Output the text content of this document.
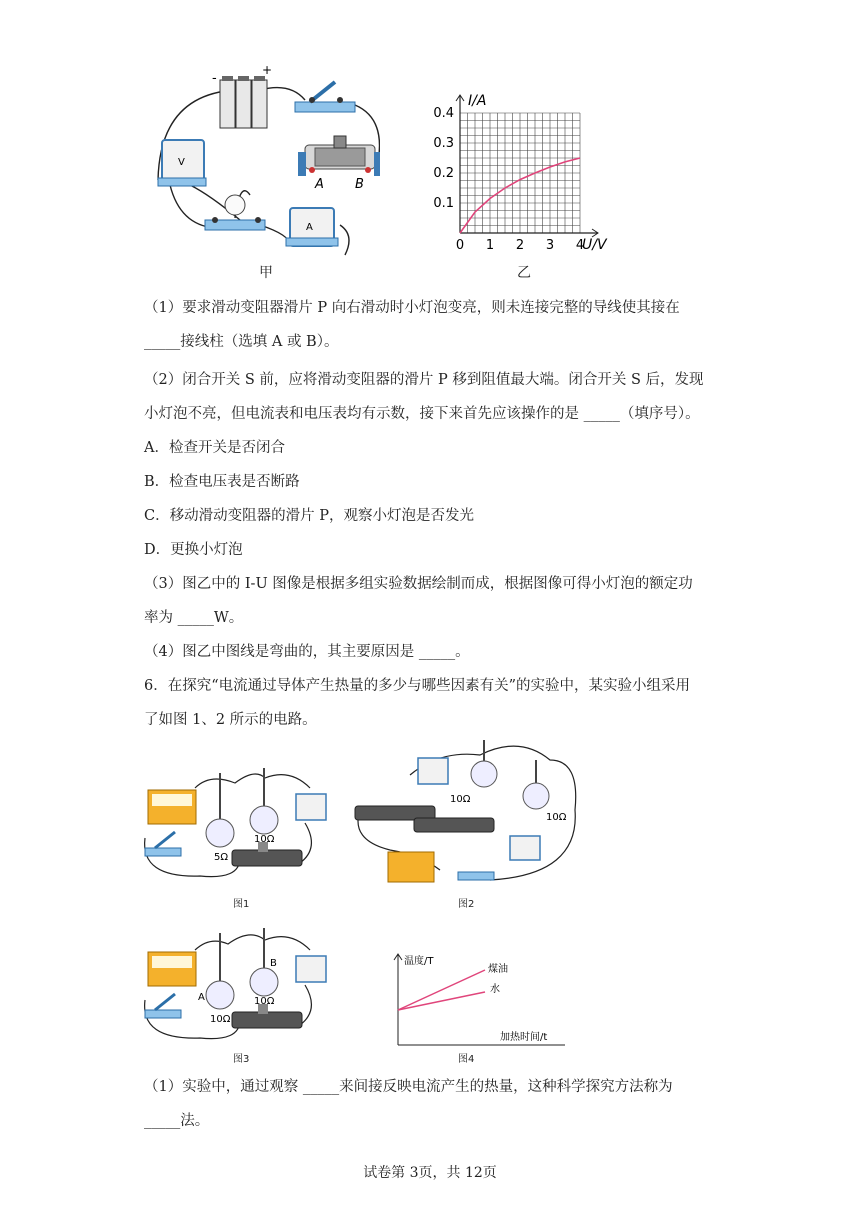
-
+
A B
V
A
甲
0 1 2 3 4
0.1
0.2
0.3
0.4
I/A
U/V
乙
（1）要求滑动变阻器滑片 P 向右滑动时小灯泡变亮，则未连接完整的导线使其接在
_____接线柱（选填 A 或 B）。
（2）闭合开关 S 前，应将滑动变阻器的滑片 P 移到阻值最大端。闭合开关 S 后，发现
小灯泡不亮，但电流表和电压表均有示数，接下来首先应该操作的是 _____（填序号）。
A．检查开关是否闭合
B．检查电压表是否断路
C．移动滑动变阻器的滑片 P，观察小灯泡是否发光
D．更换小灯泡
（3）图乙中的 I-U 图像是根据多组实验数据绘制而成，根据图像可得小灯泡的额定功
率为 _____W。
（4）图乙中图线是弯曲的，其主要原因是 _____。
6．在探究“电流通过导体产生热量的多少与哪些因素有关”的实验中，某实验小组采用
了如图 1、2 所示的电路。
5Ω
10Ω
图1
10Ω
10Ω
图2
A
B
10Ω
10Ω
图3
温度/T
煤油
水
加热时间/t
图4
（1）实验中，通过观察 _____来间接反映电流产生的热量，这种科学探究方法称为
_____法。
试卷第 3页，共 12页
